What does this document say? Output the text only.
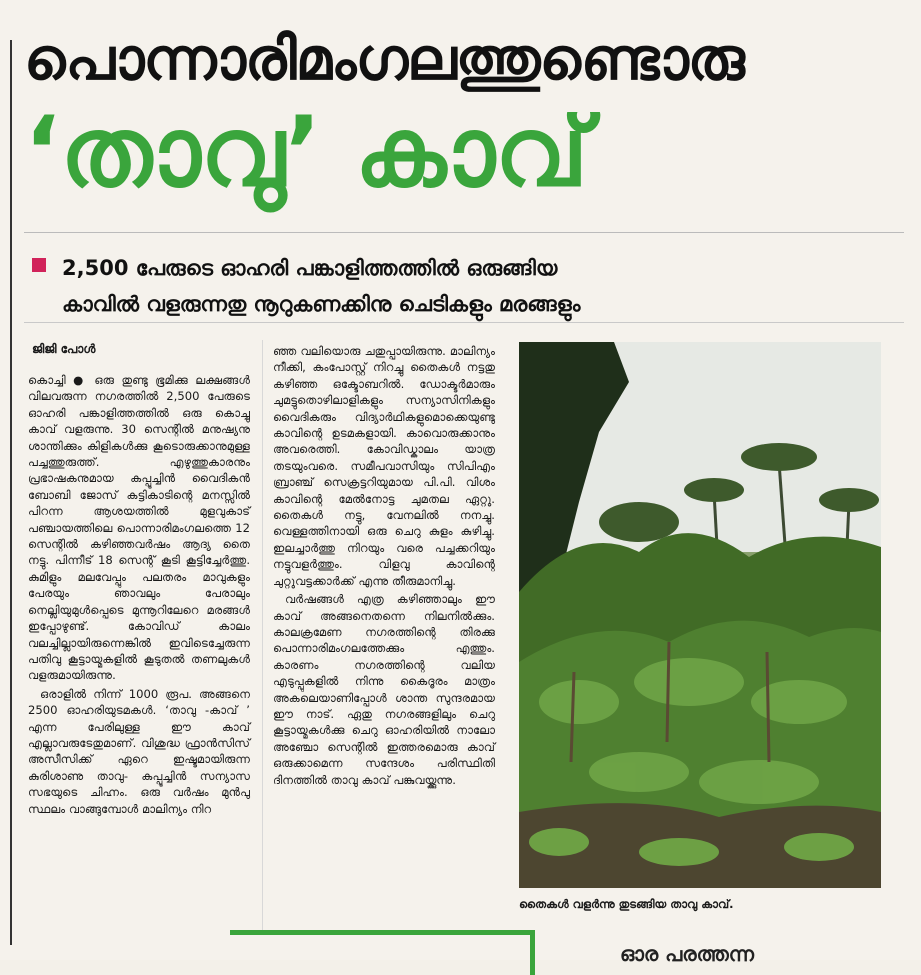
പൊന്നാരിമംഗലത്തുണ്ടൊരു
‘താവു’ കാവ്
2,500 പേരുടെ ഓഹരി പങ്കാളിത്തത്തിൽ ഒരുങ്ങിയ
കാവിൽ വളരുന്നതു നൂറുകണക്കിനു ചെടികളും മരങ്ങളും
ജിജി പോൾ

കൊച്ചി ● ഒരു തുണ്ടു ഭൂമിക്കു ലക്ഷങ്ങൾ വിലവരുന്ന നഗരത്തിൽ 2,500 പേരുടെ ഓഹരി പങ്കാളിത്തത്തിൽ ഒരു കൊച്ചു കാവ് വളരുന്നു. 30 സെന്റിൽ മനുഷ്യനു ശാന്തിക്കും കിളികൾക്കു കൂടൊരുക്കാനുമുള്ള പച്ചത്തുരുത്ത്. എഴുത്തുകാരനും പ്രഭാഷകനുമായ കപ്പൂച്ചിൻ വൈദികൻ ബോബി ജോസ് കട്ടികാടിന്റെ മനസ്സിൽ പിറന്ന ആശയത്തിൽ മുളവുകാട് പഞ്ചായത്തിലെ പൊന്നാരിമംഗലത്തെ 12 സെന്റിൽ കഴിഞ്ഞവർഷം ആദ്യ തൈ നട്ടു. പിന്നീട് 18 സെന്റ് കൂടി കൂട്ടിച്ചേർത്തു. കുമിളും മലവേപ്പും പലതരം മാവുകളും പേരയും ഞാവലും പേരാലും നെല്ലിയുമുൾപ്പെടെ മുന്നൂറിലേറെ മരങ്ങൾ ഇപ്പോഴുണ്ട്. കോവിഡ് കാലം വലച്ചില്ലായിരുന്നെങ്കിൽ ഇവിടെച്ചേരുന്ന പതിവു കൂട്ടായ്മകളിൽ കൂടുതൽ തണലുകൾ വളരുമായിരുന്നു.

ഒരാളിൽ നിന്ന് 1000 രൂപ. അങ്ങനെ 2500 ഓഹരിയുടമകൾ. ‘താവു -കാവ് ’ എന്ന പേരിലുള്ള ഈ കാവ് എല്ലാവരുടേതുമാണ്. വിശുദ്ധ ഫ്രാൻസിസ് അസീസിക്ക് ഏറെ ഇഷ്ടമായിരുന്ന കുരിശാണു താവു- കപ്പൂച്ചിൻ സന്യാസ സഭയുടെ ചിഹ്നം. ഒരു വർഷം മുൻപു സ്ഥലം വാങ്ങുമ്പോൾ മാലിന്യം നിറ

ഞ്ഞ വലിയൊരു ചതുപ്പായിരുന്നു. മാലിന്യം നീക്കി, കംപോസ്റ്റ് നിറച്ചു തൈകൾ നട്ടതു കഴിഞ്ഞ ഒക്ടോബറിൽ. ഡോക്ടർമാരും ചുമട്ടുതൊഴിലാളികളും സന്യാസിനികളും വൈദികരും വിദ്യാർഥികളുമൊക്കെയുണ്ടു കാവിന്റെ ഉടമകളായി. കാവൊരുക്കാനും അവരെത്തി. കോവിഡ്കാലം യാത്ര തടയുംവരെ. സമീപവാസിയും സിപിഎം ബ്രാഞ്ച് സെക്രട്ടറിയുമായ പി.പി. വിശം കാവിന്റെ മേൽനോട്ട ചുമതല ഏറ്റു. തൈകൾ നട്ടു, വേനലിൽ നനച്ചു. വെള്ളത്തിനായി ഒരു ചെറു കുളം കുഴിച്ചു. ഇലച്ചാർത്തു നിറയും വരെ പച്ചക്കറിയും നട്ടുവളർത്തും. വിളവു കാവിന്റെ ചുറ്റുവട്ടക്കാർക്ക് എന്നു തീരുമാനിച്ചു.

വർഷങ്ങൾ എത്ര കഴിഞ്ഞാലും ഈ കാവ് അങ്ങനെതന്നെ നിലനിൽക്കും. കാലക്രമേണ നഗരത്തിന്റെ തിരക്കു പൊന്നാരിമംഗലത്തേക്കും എത്തും. കാരണം നഗരത്തിന്റെ വലിയ എടുപ്പുകളിൽ നിന്നു കൈദൂരം മാത്രം അകലെയാണിപ്പോൾ ശാന്ത സുന്ദരമായ ഈ നാട്. ഏതു നഗരങ്ങളിലും ചെറു കൂട്ടായ്മകൾക്കു ചെറു ഓഹരിയിൽ നാലോ അഞ്ചോ സെന്റിൽ ഇത്തരമൊരു കാവ് ഒരുക്കാമെന്ന സന്ദേശം പരിസ്ഥിതി ദിനത്തിൽ താവു കാവ് പങ്കുവയ്ക്കുന്നു.

തൈകൾ വളർന്നു തുടങ്ങിയ താവു കാവ്.
ഓര പരത്തന്ന
